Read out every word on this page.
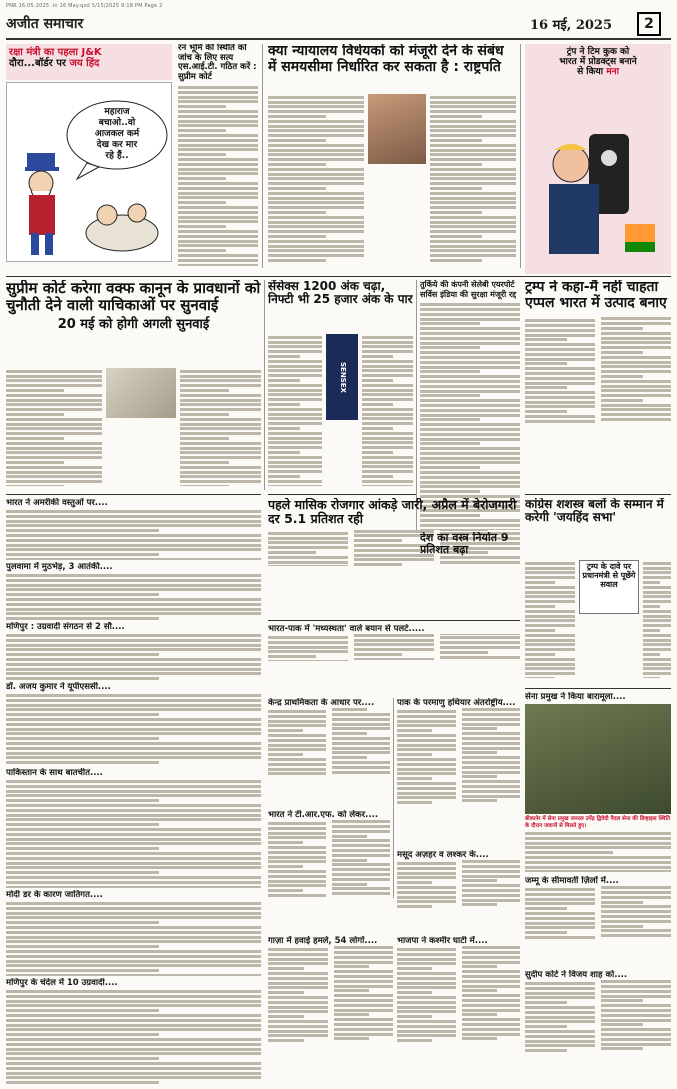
PNR 16.05.2025 .in 16 May.qxd 5/15/2025 9:18 PM Page 2
अजीत समाचार	16 मई, 2025	2
रक्षा मंत्री का पहला J&K
दौरा...बॉर्डर पर जय हिंद
महाराज
बचाओ..वो
आजकल कर्म
देख कर मार
रहे हैं..
रन भूमि की स्थिति को जांच के लिए सत्य एस.आई.टी. गठित करें : सुप्रीम कोर्ट
क्या न्यायालय विधेयकों को मंजूरी देने के संबंध में समयसीमा निर्धारित कर सकता है : राष्ट्रपति
ट्रंप ने टिम कुक को
भारत में प्रोडक्ट्स बनाने
से किया मना
सुप्रीम कोर्ट करेगा वक्फ कानून के प्रावधानों को चुनौती देने वाली याचिकाओं पर सुनवाई
20 मई को होगी अगली सुनवाई
सेंसेक्स 1200 अंक चढ़ा, निफ्टी भी 25 हजार अंक के पार
SENSEX
तुर्किये की कंपनी सेलेबी एयरपोर्ट सर्विस इंडिया की सुरक्षा मंजूरी रद्द ट्रम्प ने कहा-मैं नहीं चाहता एप्पल भारत में उत्पाद बनाए
भारत ने अमरीकी वस्तुओं पर....
पुलवामा में मुठभेड़, 3 आतंकी....
मणिपुर : उग्रवादी संगठन से 2 सौ....
डॉ. अजय कुमार ने यूपीएससी....
पाकिस्तान के साथ बातचीत....
मोदी डर के कारण जातिगत....
मणिपुर के चंदेल में 10 उग्रवादी....
पहले मासिक रोजगार आंकड़े जारी, अप्रैल में बेरोजगारी दर 5.1 प्रतिशत रही
देश का वस्त्र निर्यात 9 प्रतिशत बढ़ा
कांग्रेस शशस्त्र बलों के सम्मान में करेगी 'जयहिंद सभा'
ट्रम्प के दावे पर प्रधानमंत्री से पूछेंगे सवाल
भारत-पाक में 'मध्यस्थता' वाले बयान से पलटे.....
केन्द्र प्राथमिकता के आधार पर....	पाक के परमाणु हथियार अंतर्राष्ट्रीय....
सेना प्रमुख ने किया बारामूला....
बीकानेर में सेना प्रमुख जनरल उपेंद्र द्विवेदी पैदल सेना की डिव्हाइस स्थिति के दौरान जवानों से मिलते हुए।
भारत ने टी.आर.एफ. को लेकर....
मसूद अज़हर व लश्कर के....
जम्मू के सीमावर्ती ज़िलों में....
गाज़ा में हवाई हमले, 54 लोगों....	भाजपा ने कश्मीर घाटी में....
सुदीप कोर्ट ने विजय शाह को....
